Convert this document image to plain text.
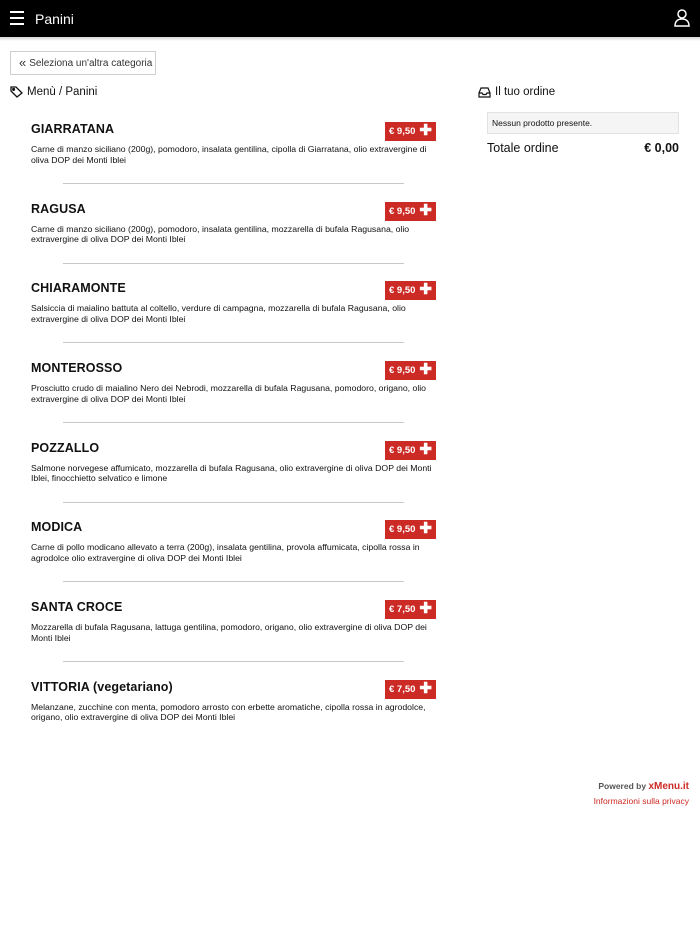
Panini
« Seleziona un'altra categoria
Menù / Panini
GIARRATANA	€ 9,50 ✚
Carne di manzo siciliano (200g), pomodoro, insalata gentilina, cipolla di Giarratana, olio extravergine di oliva DOP dei Monti Iblei
RAGUSA	€ 9,50 ✚
Carne di manzo siciliano (200g), pomodoro, insalata gentilina, mozzarella di bufala Ragusana, olio extravergine di oliva DOP dei Monti Iblei
CHIARAMONTE	€ 9,50 ✚
Salsiccia di maialino battuta al coltello, verdure di campagna, mozzarella di bufala Ragusana, olio extravergine di oliva DOP dei Monti Iblei
MONTEROSSO	€ 9,50 ✚
Prosciutto crudo di maialino Nero dei Nebrodi, mozzarella di bufala Ragusana, pomodoro, origano, olio extravergine di oliva DOP dei Monti Iblei
POZZALLO	€ 9,50 ✚
Salmone norvegese affumicato, mozzarella di bufala Ragusana, olio extravergine di oliva DOP dei Monti Iblei, finocchietto selvatico e limone
MODICA	€ 9,50 ✚
Carne di pollo modicano allevato a terra (200g), insalata gentilina, provola affumicata, cipolla rossa in agrodolce olio extravergine di oliva DOP dei Monti Iblei
SANTA CROCE	€ 7,50 ✚
Mozzarella di bufala Ragusana, lattuga gentilina, pomodoro, origano, olio extravergine di oliva DOP dei Monti Iblei
VITTORIA (vegetariano)	€ 7,50 ✚
Melanzane, zucchine con menta, pomodoro arrosto con erbette aromatiche, cipolla rossa in agrodolce, origano, olio extravergine di oliva DOP dei Monti Iblei
Il tuo ordine
Nessun prodotto presente.
Totale ordine	€ 0,00
Powered by xMenu.it
Informazioni sulla privacy
